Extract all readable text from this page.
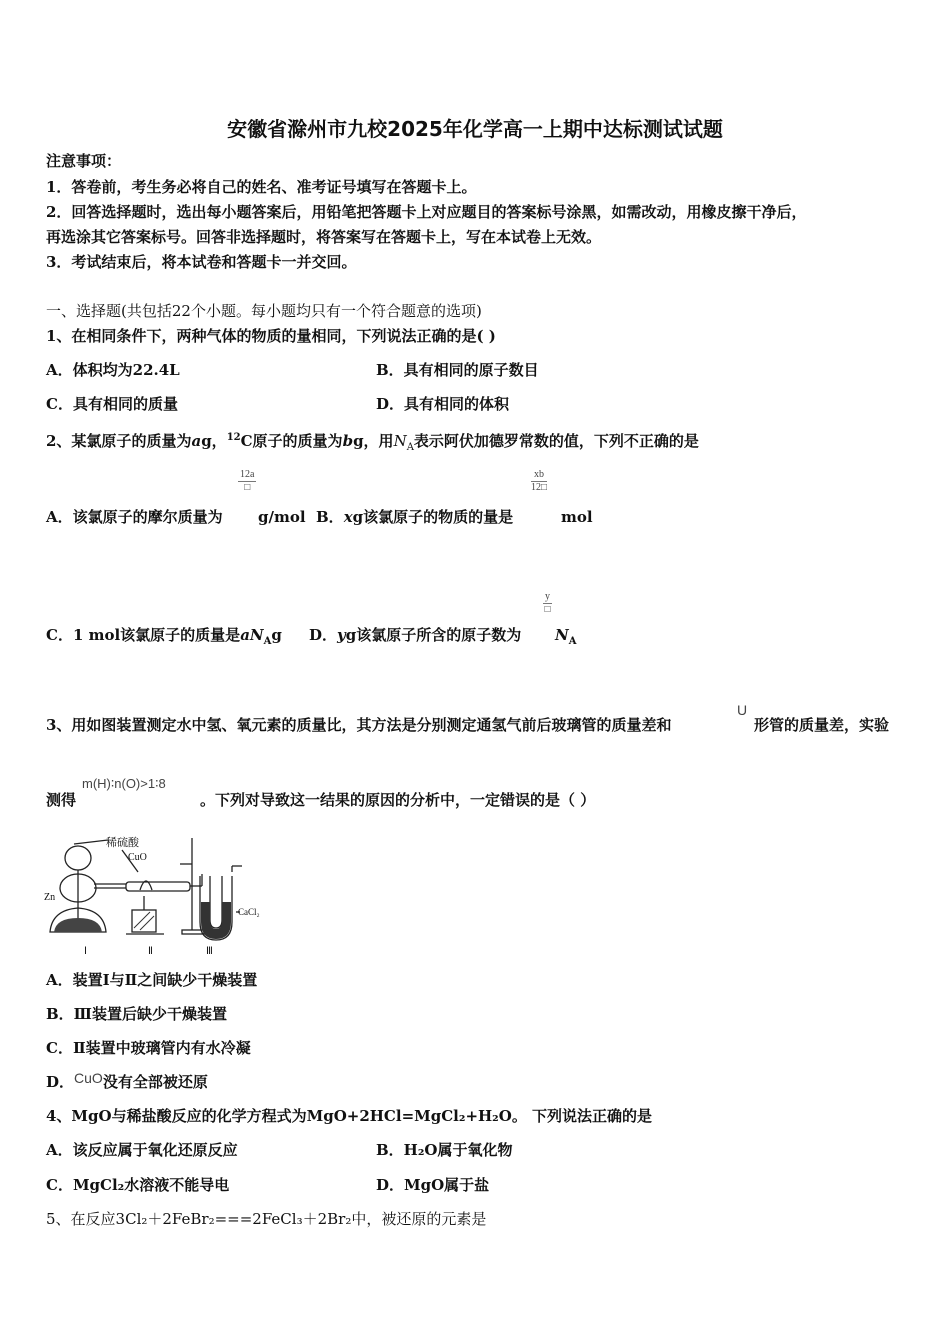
安徽省滁州市九校2025年化学高一上期中达标测试试题
注意事项：
1．答卷前，考生务必将自己的姓名、准考证号填写在答题卡上。
2．回答选择题时，选出每小题答案后，用铅笔把答题卡上对应题目的答案标号涂黑，如需改动，用橡皮擦干净后，
再选涂其它答案标号。回答非选择题时，将答案写在答题卡上，写在本试卷上无效。
3．考试结束后，将本试卷和答题卡一并交回。
一、选择题(共包括22个小题。每小题均只有一个符合题意的选项)
1、在相同条件下，两种气体的物质的量相同，下列说法正确的是( )
A．体积均为22.4L	B．具有相同的原子数目
C．具有相同的质量	D．具有相同的体积
2、某氯原子的质量为ag，$^{12}$C原子的质量为bg，用$N_A$表示阿伏加德罗常数的值，下列不正确的是
12a
□	$\frac{xb}{12□}$
A．该氯原子的摩尔质量为 g/mol B．xg该氯原子的物质的量是	mol
y
□
C．1 mol该氯原子的质量是$aN_Ag$ D．yg该氯原子所含的原子数为 $N_A$
3、用如图装置测定水中氢、氧元素的质量比，其方法是分别测定通氢气前后玻璃管的质量差和
U
形管的质量差，实验
测得
m(H)∶n(O)>1∶8
。下列对导致这一结果的原因的分析中，一定错误的是（ ）
稀硫酸
CuO
Zn
CaCl₂
Ⅰ	Ⅱ	Ⅲ
A．装置Ⅰ与Ⅱ之间缺少干燥装置
B．Ⅲ装置后缺少干燥装置
C．Ⅱ装置中玻璃管内有水冷凝
D．CuO没有全部被还原
4、MgO与稀盐酸反应的化学方程式为MgO+2HCl=MgCl₂+H₂O。 下列说法正确的是
A．该反应属于氧化还原反应	B．H₂O属于氧化物
C．MgCl₂水溶液不能导电	D．MgO属于盐
5、在反应3Cl₂＋2FeBr₂===2FeCl₃＋2Br₂中，被还原的元素是
